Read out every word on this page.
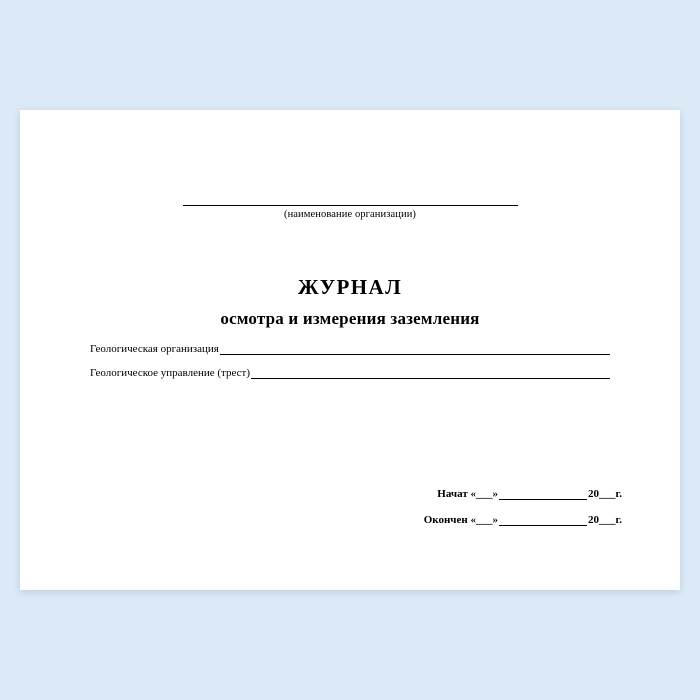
(наименование организации)
ЖУРНАЛ
осмотра и измерения заземления
Геологическая организация
Геологическое управление (трест)
Начат «___»	20___г.
Окончен «___»	20___г.
